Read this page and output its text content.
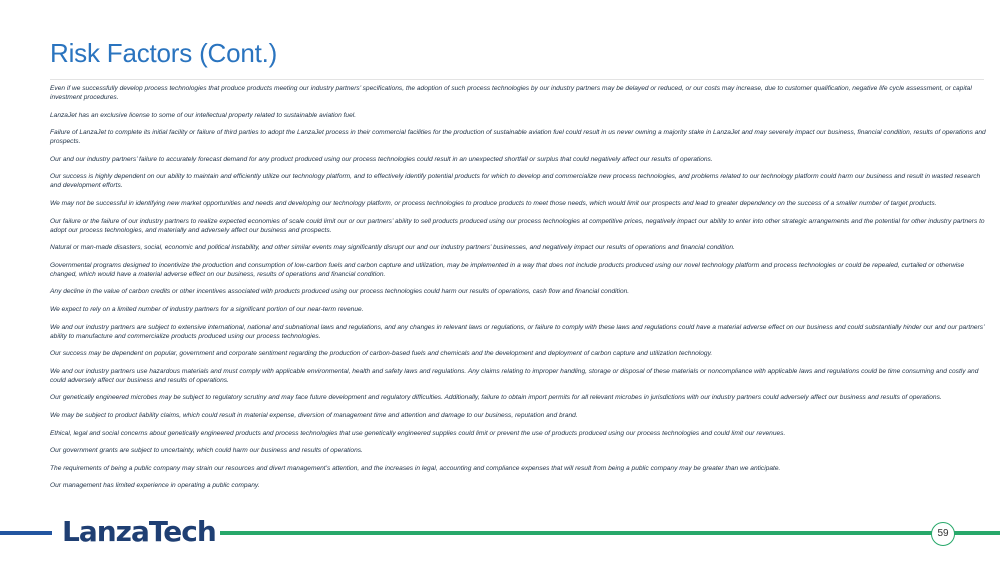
Risk Factors (Cont.)

Even if we successfully develop process technologies that produce products meeting our industry partners’ specifications, the adoption of such process technologies by our industry partners may be delayed or reduced, or our costs may increase, due to customer qualification, negative life cycle assessment, or capital investment procedures.

LanzaJet has an exclusive license to some of our intellectual property related to sustainable aviation fuel.

Failure of LanzaJet to complete its initial facility or failure of third parties to adopt the LanzaJet process in their commercial facilities for the production of sustainable aviation fuel could result in us never owning a majority stake in LanzaJet and may severely impact our business, financial condition, results of operations and prospects.

Our and our industry partners’ failure to accurately forecast demand for any product produced using our process technologies could result in an unexpected shortfall or surplus that could negatively affect our results of operations.

Our success is highly dependent on our ability to maintain and efficiently utilize our technology platform, and to effectively identify potential products for which to develop and commercialize new process technologies, and problems related to our technology platform could harm our business and result in wasted research and development efforts.

We may not be successful in identifying new market opportunities and needs and developing our technology platform, or process technologies to produce products to meet those needs, which would limit our prospects and lead to greater dependency on the success of a smaller number of target products.

Our failure or the failure of our industry partners to realize expected economies of scale could limit our or our partners’ ability to sell products produced using our process technologies at competitive prices, negatively impact our ability to enter into other strategic arrangements and the potential for other industry partners to adopt our process technologies, and materially and adversely affect our business and prospects.

Natural or man-made disasters, social, economic and political instability, and other similar events may significantly disrupt our and our industry partners’ businesses, and negatively impact our results of operations and financial condition.

Governmental programs designed to incentivize the production and consumption of low-carbon fuels and carbon capture and utilization, may be implemented in a way that does not include products produced using our novel technology platform and process technologies or could be repealed, curtailed or otherwise changed, which would have a material adverse effect on our business, results of operations and financial condition.

Any decline in the value of carbon credits or other incentives associated with products produced using our process technologies could harm our results of operations, cash flow and financial condition.

We expect to rely on a limited number of industry partners for a significant portion of our near-term revenue.

We and our industry partners are subject to extensive international, national and subnational laws and regulations, and any changes in relevant laws or regulations, or failure to comply with these laws and regulations could have a material adverse effect on our business and could substantially hinder our and our partners’ ability to manufacture and commercialize products produced using our process technologies.

Our success may be dependent on popular, government and corporate sentiment regarding the production of carbon-based fuels and chemicals and the development and deployment of carbon capture and utilization technology.

We and our industry partners use hazardous materials and must comply with applicable environmental, health and safety laws and regulations. Any claims relating to improper handling, storage or disposal of these materials or noncompliance with applicable laws and regulations could be time consuming and costly and could adversely affect our business and results of operations.

Our genetically engineered microbes may be subject to regulatory scrutiny and may face future development and regulatory difficulties. Additionally, failure to obtain import permits for all relevant microbes in jurisdictions with our industry partners could adversely affect our business and results of operations.

We may be subject to product liability claims, which could result in material expense, diversion of management time and attention and damage to our business, reputation and brand.

Ethical, legal and social concerns about genetically engineered products and process technologies that use genetically engineered supplies could limit or prevent the use of products produced using our process technologies and could limit our revenues.

Our government grants are subject to uncertainty, which could harm our business and results of operations.

The requirements of being a public company may strain our resources and divert management’s attention, and the increases in legal, accounting and compliance expenses that will result from being a public company may be greater than we anticipate.

Our management has limited experience in operating a public company.

LanzaTech	59
